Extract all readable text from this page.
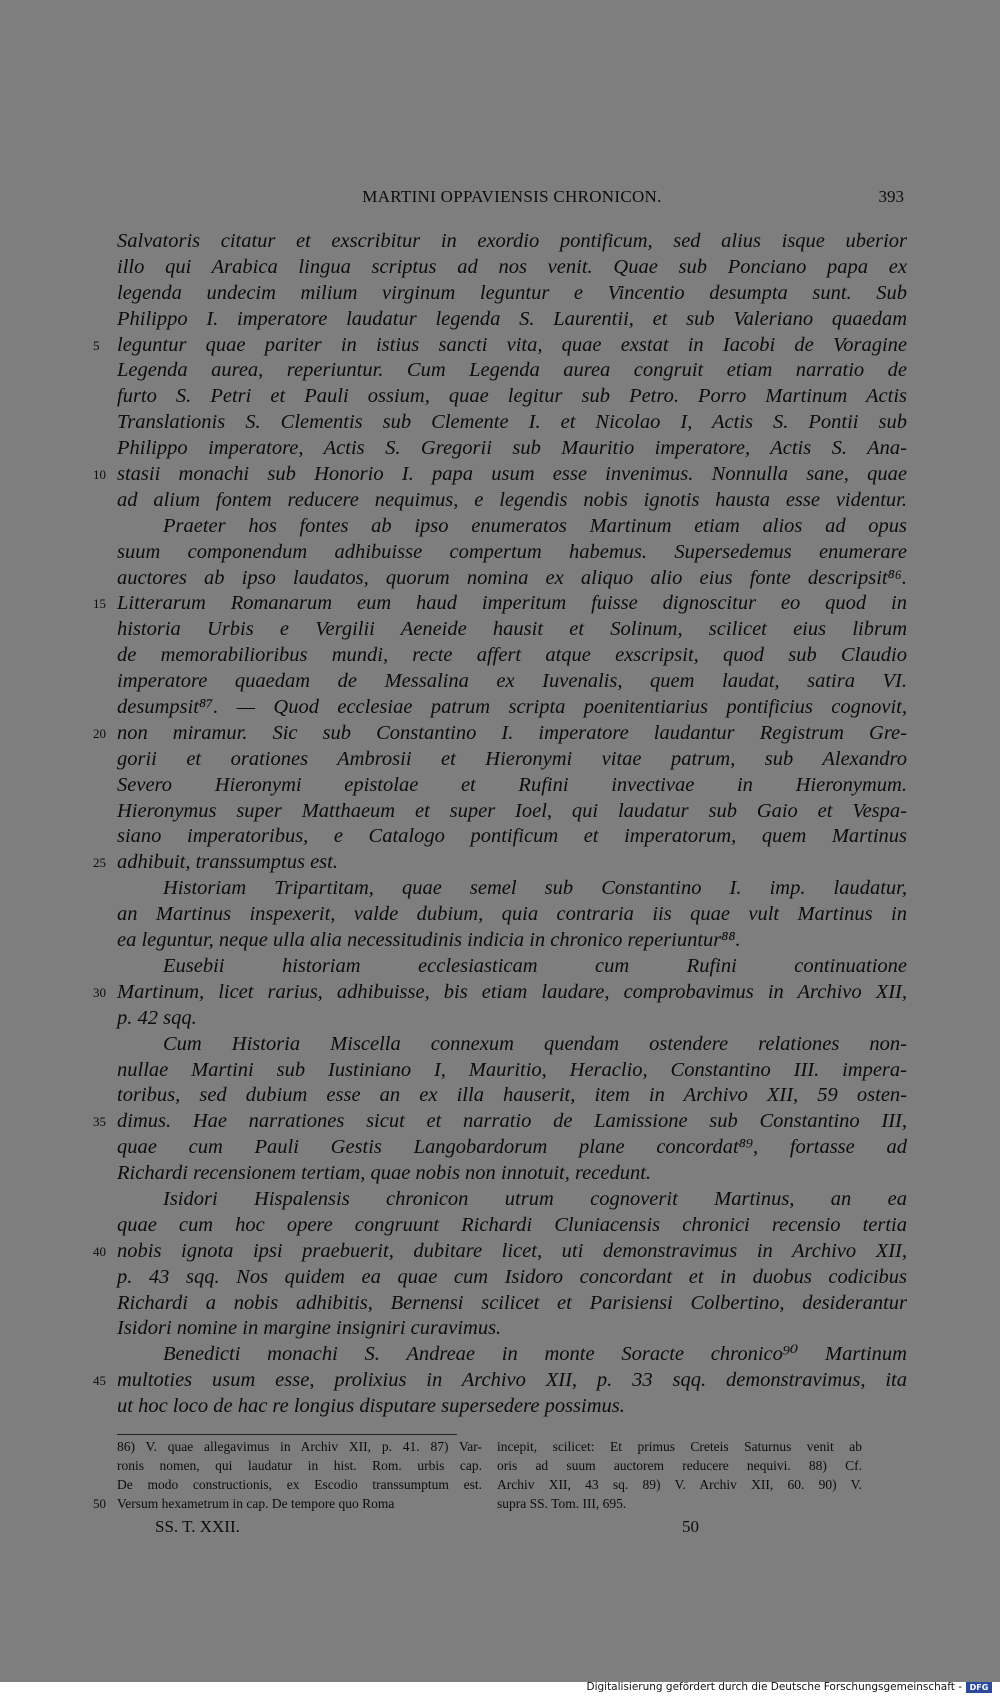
MARTINI OPPAVIENSIS CHRONICON.	393
Salvatoris citatur et exscribitur in exordio pontificum, sed alius isque uberior
illo qui Arabica lingua scriptus ad nos venit. Quae sub Ponciano papa ex
legenda undecim milium virginum leguntur e Vincentio desumpta sunt. Sub
Philippo I. imperatore laudatur legenda S. Laurentii, et sub Valeriano quaedam
5 leguntur quae pariter in istius sancti vita, quae exstat in Iacobi de Voragine
Legenda aurea, reperiuntur. Cum Legenda aurea congruit etiam narratio de
furto S. Petri et Pauli ossium, quae legitur sub Petro. Porro Martinum Actis
Translationis S. Clementis sub Clemente I. et Nicolao I, Actis S. Pontii sub
Philippo imperatore, Actis S. Gregorii sub Mauritio imperatore, Actis S. Ana-
10 stasii monachi sub Honorio I. papa usum esse invenimus. Nonnulla sane, quae
ad alium fontem reducere nequimus, e legendis nobis ignotis hausta esse videntur.
Praeter hos fontes ab ipso enumeratos Martinum etiam alios ad opus
suum componendum adhibuisse compertum habemus. Supersedemus enumerare
auctores ab ipso laudatos, quorum nomina ex aliquo alio eius fonte descripsit⁸⁶.
15 Litterarum Romanarum eum haud imperitum fuisse dignoscitur eo quod in
historia Urbis e Vergilii Aeneide hausit et Solinum, scilicet eius librum
de memorabilioribus mundi, recte affert atque exscripsit, quod sub Claudio
imperatore quaedam de Messalina ex Iuvenalis, quem laudat, satira VI.
desumpsit⁸⁷. — Quod ecclesiae patrum scripta poenitentiarius pontificius cognovit,
20 non miramur. Sic sub Constantino I. imperatore laudantur Registrum Gre-
gorii et orationes Ambrosii et Hieronymi vitae patrum, sub Alexandro
Severo Hieronymi epistolae et Rufini invectivae in Hieronymum.
Hieronymus super Matthaeum et super Ioel, qui laudatur sub Gaio et Vespa-
siano imperatoribus, e Catalogo pontificum et imperatorum, quem Martinus
25 adhibuit, transsumptus est.
Historiam Tripartitam, quae semel sub Constantino I. imp. laudatur,
an Martinus inspexerit, valde dubium, quia contraria iis quae vult Martinus in
ea leguntur, neque ulla alia necessitudinis indicia in chronico reperiuntur⁸⁸.
Eusebii historiam ecclesiasticam cum Rufini continuatione
30 Martinum, licet rarius, adhibuisse, bis etiam laudare, comprobavimus in Archivo XII,
p. 42 sqq.
Cum Historia Miscella connexum quendam ostendere relationes non-
nullae Martini sub Iustiniano I, Mauritio, Heraclio, Constantino III. impera-
toribus, sed dubium esse an ex illa hauserit, item in Archivo XII, 59 osten-
35 dimus. Hae narrationes sicut et narratio de Lamissione sub Constantino III,
quae cum Pauli Gestis Langobardorum plane concordat⁸⁹, fortasse ad
Richardi recensionem tertiam, quae nobis non innotuit, recedunt.
Isidori Hispalensis chronicon utrum cognoverit Martinus, an ea
quae cum hoc opere congruunt Richardi Cluniacensis chronici recensio tertia
40 nobis ignota ipsi praebuerit, dubitare licet, uti demonstravimus in Archivo XII,
p. 43 sqq. Nos quidem ea quae cum Isidoro concordant et in duobus codicibus
Richardi a nobis adhibitis, Bernensi scilicet et Parisiensi Colbertino, desiderantur
Isidori nomine in margine insigniri curavimus.
Benedicti monachi S. Andreae in monte Soracte chronico⁹⁰ Martinum
45 multoties usum esse, prolixius in Archivo XII, p. 33 sqq. demonstravimus, ita
ut hoc loco de hac re longius disputare supersedere possimus.
86) V. quae allegavimus in Archiv XII, p. 41. 87) Var-
ronis nomen, qui laudatur in hist. Rom. urbis cap.
De modo constructionis, ex Escodio transsumptum est.
50 Versum hexametrum in cap. De tempore quo Roma
incepit, scilicet: Et primus Creteis Saturnus venit ab
oris ad suum auctorem reducere nequivi. 88) Cf.
Archiv XII, 43 sq. 89) V. Archiv XII, 60. 90) V.
supra SS. Tom. III, 695.
SS. T. XXII.	50
Digitalisierung gefördert durch die Deutsche Forschungsgemeinschaft - DFG
